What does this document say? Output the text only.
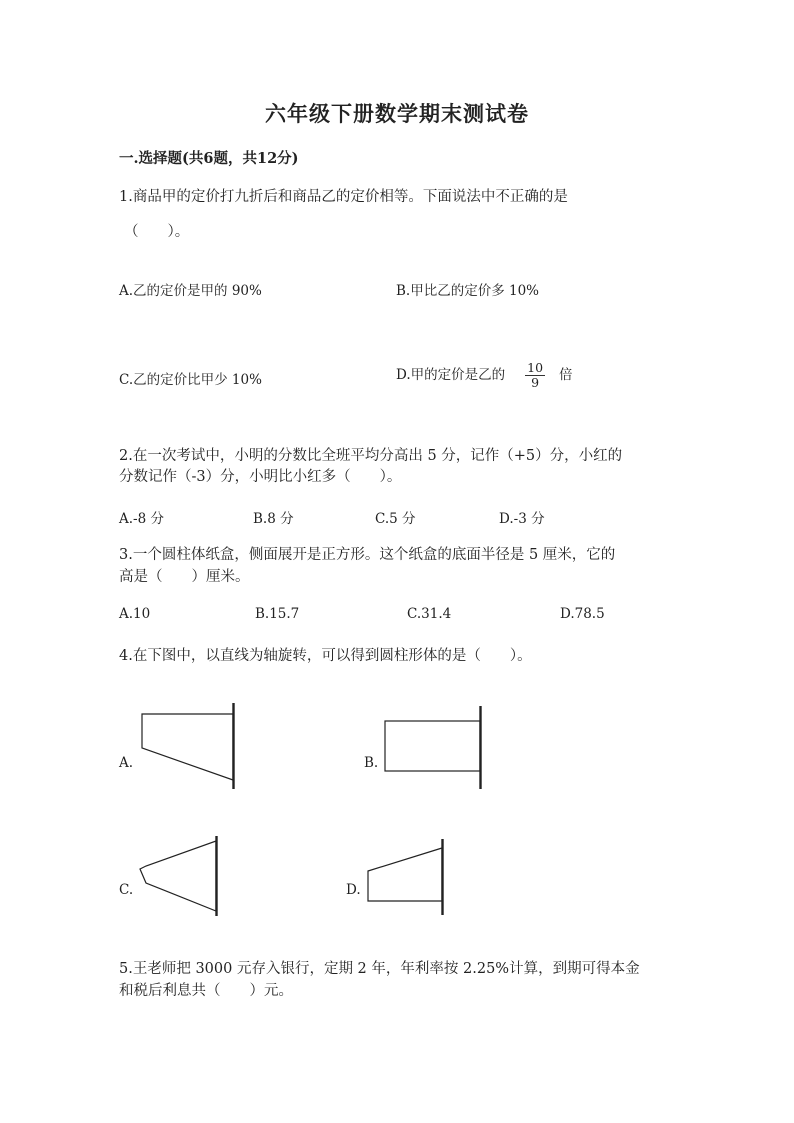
六年级下册数学期末测试卷
一.选择题(共6题，共12分)
1.商品甲的定价打九折后和商品乙的定价相等。下面说法中不正确的是
（　　）。
A.乙的定价是甲的 90%	B.甲比乙的定价多 10%
C.乙的定价比甲少 10%	D.甲的定价是乙的 $\frac{10}{9}$ 倍
2.在一次考试中，小明的分数比全班平均分高出 5 分，记作（+5）分，小红的
分数记作（-3）分，小明比小红多（　　）。
A.-8 分	B.8 分	C.5 分	D.-3 分
3.一个圆柱体纸盒，侧面展开是正方形。这个纸盒的底面半径是 5 厘米，它的
高是（　　）厘米。
A.10	B.15.7	C.31.4	D.78.5
4.在下图中，以直线为轴旋转，可以得到圆柱形体的是（　　）。
A.	B.
C.	D.
5.王老师把 3000 元存入银行，定期 2 年，年利率按 2.25%计算，到期可得本金
和税后利息共（　　）元。
